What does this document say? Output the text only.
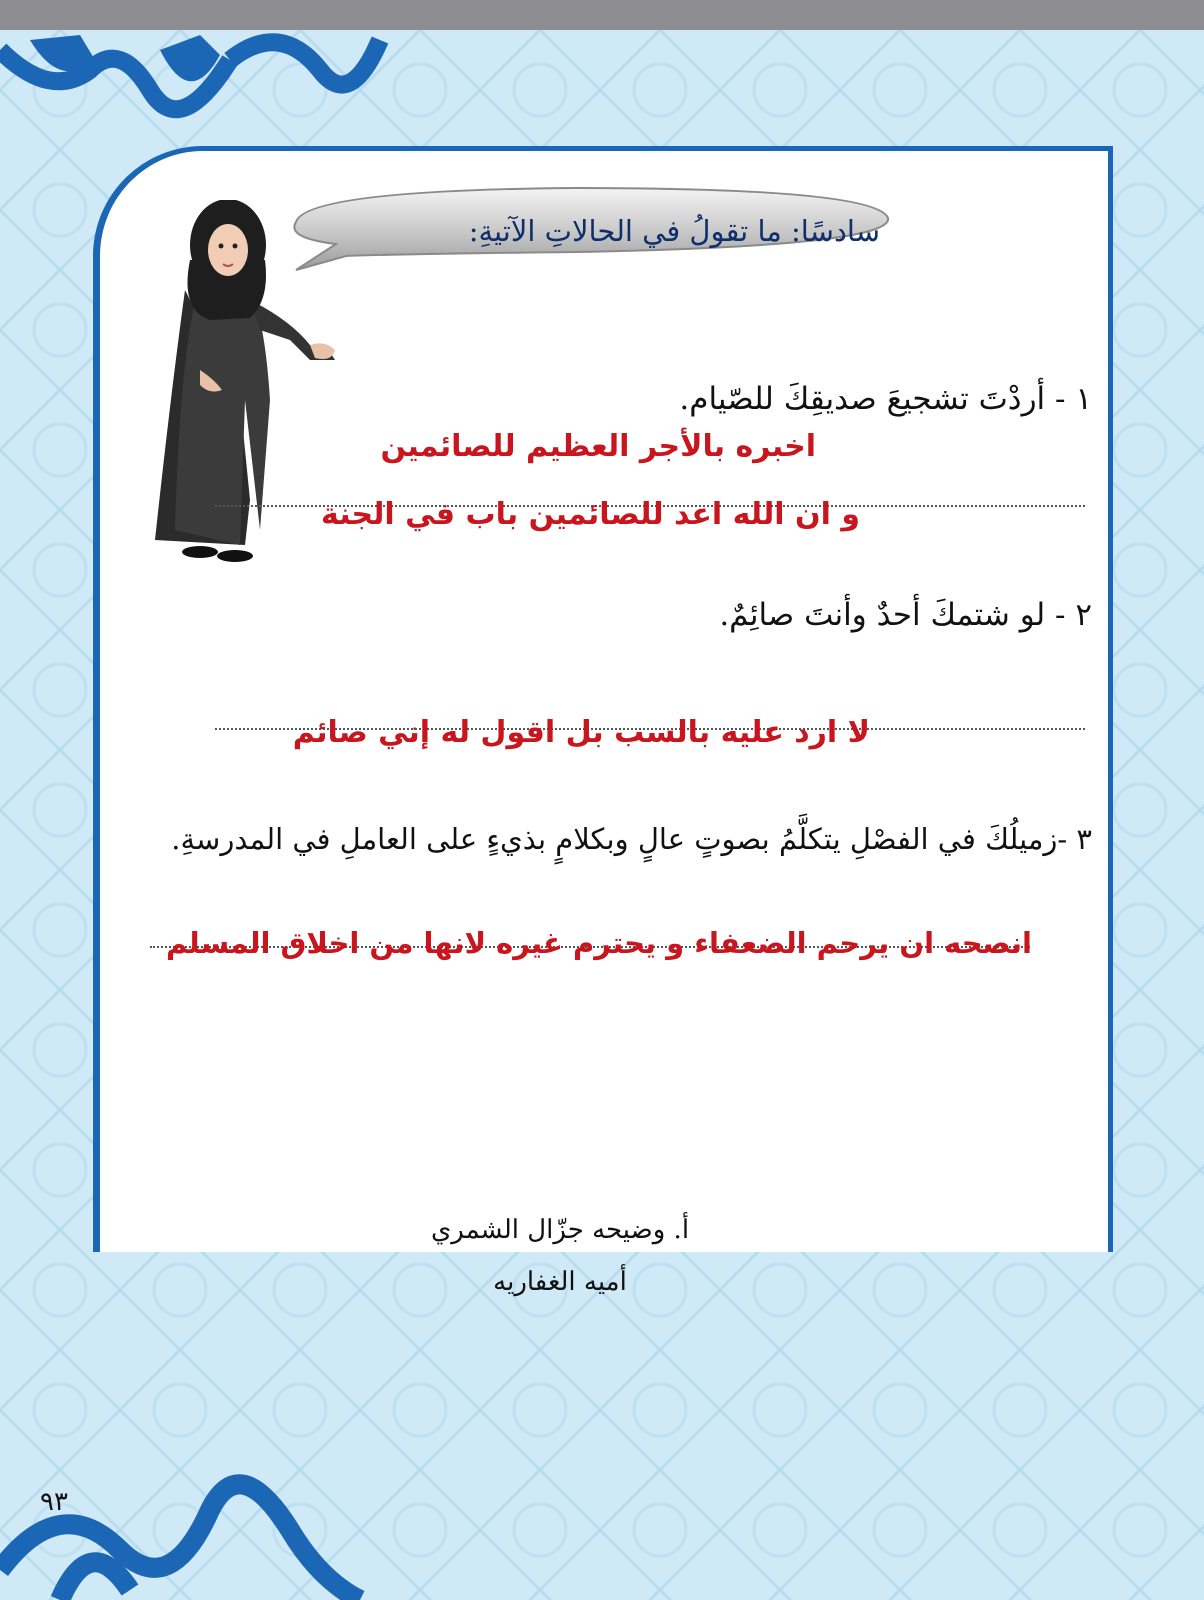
سادسًا: ما تقولُ في الحالاتِ الآتيةِ:
١ - أردْتَ تشجيعَ صديقِكَ للصّيام.
اخبره بالأجر العظيم للصائمين
و ان الله اعد للصائمين باب في الجنة
٢ - لو شتمكَ أحدٌ وأنتَ صائِمٌ.
لا ارد عليه بالسب بل اقول له إني صائم
٣ -زميلُكَ في الفصْلِ يتكلَّمُ بصوتٍ عالٍ وبكلامٍ بذيءٍ على العاملِ في المدرسةِ.
انصحه ان يرحم الضعفاء و يحترم غيره لانها من اخلاق المسلم
أ. وضيحه جزّال الشمري
أميه الغفاريه
٩٣
